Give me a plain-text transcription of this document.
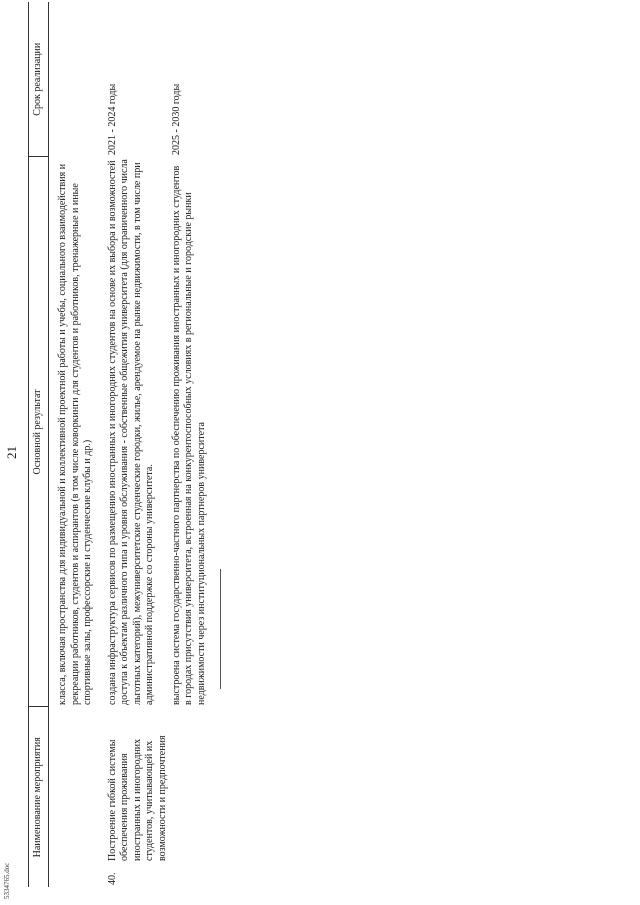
21
5334765.doc
Наименование мероприятия	Основной результат	Срок реализации

	класса, включая пространства для индивидуальной и коллективной проектной работы и учебы, социального взаимодействия и рекреации работников, студентов и аспирантов (в том числе коворкинги для студентов и работников, тренажерные и иные спортивные залы, профессорские и студенческие клубы и др.)	

40.Построение гибкой системы обеспечения проживания иностранных и иногородних студентов, учитывающей их возможности и предпочтения	создана инфраструктура сервисов по размещению иностранных и иногородних студентов на основе их выбора и возможностей доступа к объектам различного типа и уровня обслуживания - собственные общежития университета (для ограниченного числа льготных категорий), межуниверситетские студенческие городки, жилье, арендуемое на рынке недвижимости, в том числе при административной поддержке со стороны университета.	2021 - 2024 годы

	выстроена система государственно-частного партнерства по обеспечению проживания иностранных и иногородних студентов в городах присутствия университета, встроенная на конкурентоспособных условиях в региональные и городские рынки недвижимости через институциональных партнеров университета	2025 - 2030 годы
